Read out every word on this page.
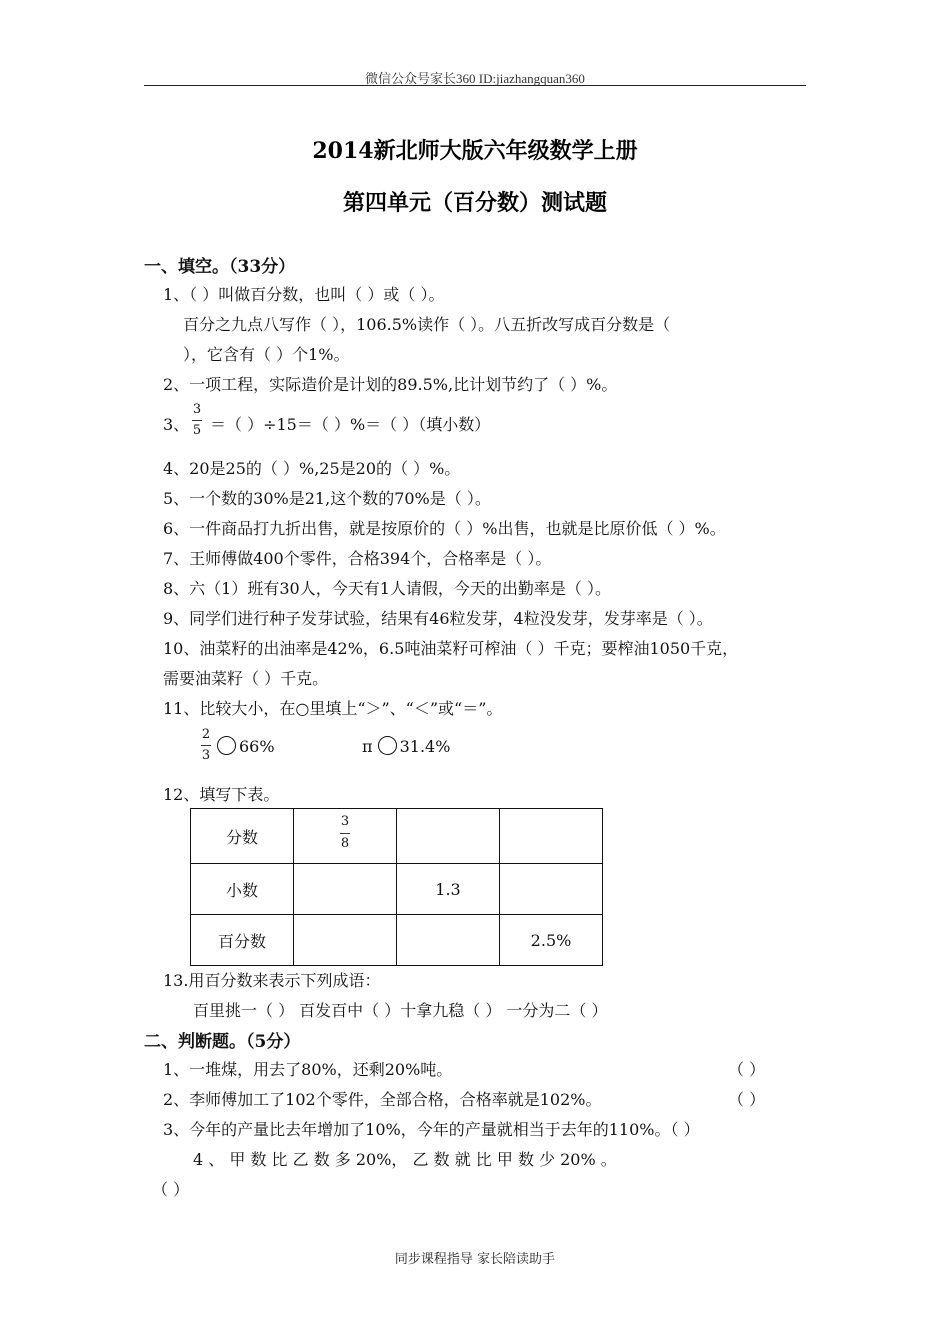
微信公众号家长360 ID:jiazhangquan360
2014新北师大版六年级数学上册
第四单元（百分数）测试题
一、填空。（33分）
1、（ ）叫做百分数，也叫（ ）或（ ）。
百分之九点八写作（ ），106.5%读作（ ）。八五折改写成百分数是（
），它含有（ ）个1%。
2、一项工程，实际造价是计划的89.5%,比计划节约了（ ）%。
3、
3
5 ＝（ ）÷15＝（ ）%＝（ ）（填小数）
4、20是25的（ ）%,25是20的（ ）%。
5、一个数的30%是21,这个数的70%是（ ）。
6、一件商品打九折出售，就是按原价的（ ）%出售，也就是比原价低（ ）%。
7、王师傅做400个零件，合格394个，合格率是（ ）。
8、六（1）班有30人，今天有1人请假，今天的出勤率是（ ）。
9、同学们进行种子发芽试验，结果有46粒发芽，4粒没发芽，发芽率是（ ）。
10、油菜籽的出油率是42%，6.5吨油菜籽可榨油（ ）千克；要榨油1050千克，
需要油菜籽（ ）千克。
11、比较大小，在○里填上“＞”、“＜”或“＝”。
2
3	66%	π 31.4%
12、填写下表。
分数	3
8		

小数		1.3	
百分数			2.5%
13.用百分数来表示下列成语：
百里挑一（ ） 百发百中（ ）十拿九稳（ ） 一分为二（ ）
二、判断题。（5分）
1、一堆煤，用去了80%，还剩20%吨。	（ ）
2、李师傅加工了102个零件，全部合格，合格率就是102%。	（ ）
3、今年的产量比去年增加了10%，今年的产量就相当于去年的110%。（ ）
4 、 甲 数 比 乙 数 多 20%， 乙 数 就 比 甲 数 少 20% 。
（ ）
同步课程指导 家长陪读助手
